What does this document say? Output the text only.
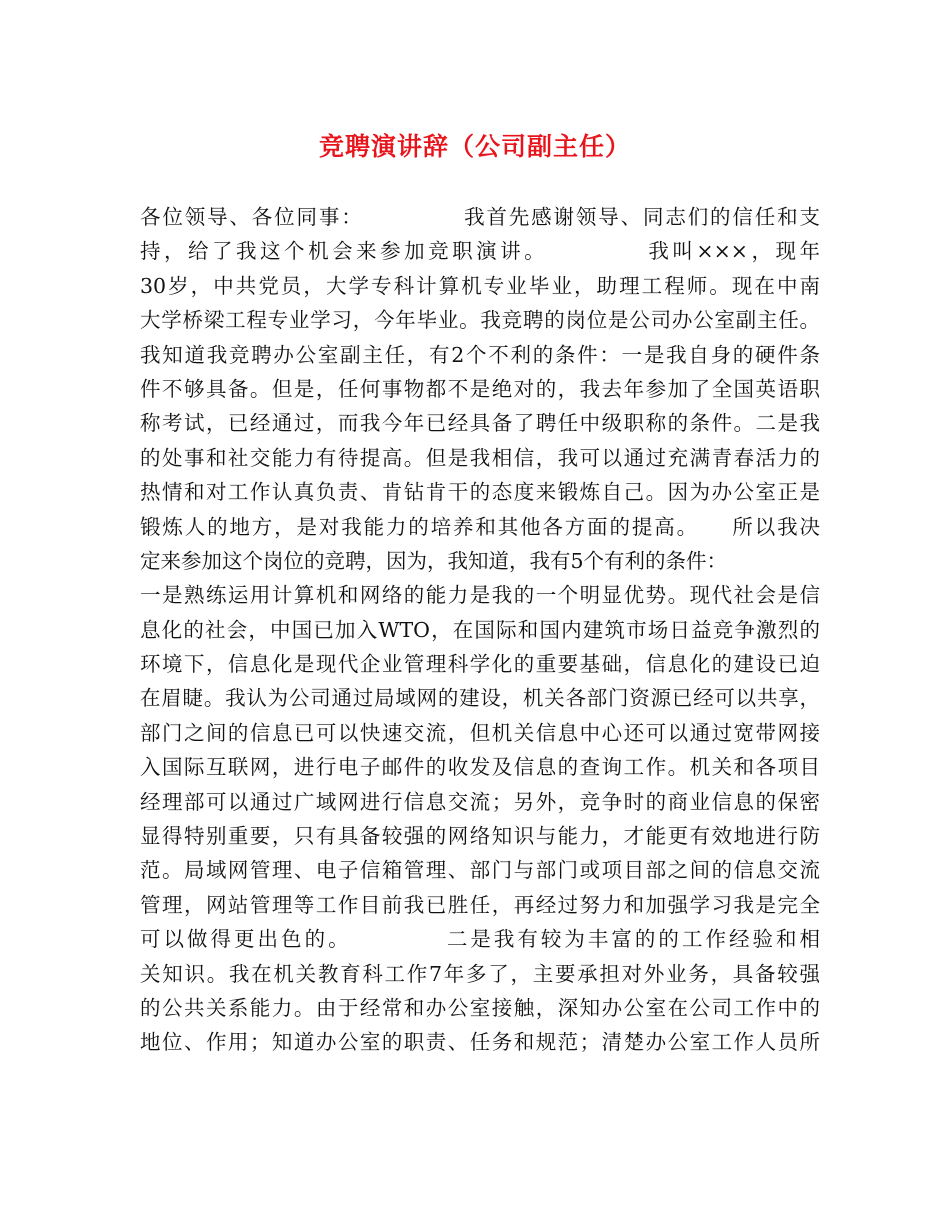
竞聘演讲辞（公司副主任）
各位领导、各位同事：            我首先感谢领导、同志们的信任和支
持，给了我这个机会来参加竞职演讲。          我叫×××，现年
30岁，中共党员，大学专科计算机专业毕业，助理工程师。现在中南
大学桥梁工程专业学习，今年毕业。我竞聘的岗位是公司办公室副主任。
我知道我竞聘办公室副主任，有2个不利的条件：一是我自身的硬件条
件不够具备。但是，任何事物都不是绝对的，我去年参加了全国英语职
称考试，已经通过，而我今年已经具备了聘任中级职称的条件。二是我
的处事和社交能力有待提高。但是我相信，我可以通过充满青春活力的
热情和对工作认真负责、肯钻肯干的态度来锻炼自己。因为办公室正是
锻炼人的地方，是对我能力的培养和其他各方面的提高。    所以我决
定来参加这个岗位的竞聘，因为，我知道，我有5个有利的条件：
一是熟练运用计算机和网络的能力是我的一个明显优势。现代社会是信
息化的社会，中国已加入WTO，在国际和国内建筑市场日益竞争激烈的
环境下，信息化是现代企业管理科学化的重要基础，信息化的建设已迫
在眉睫。我认为公司通过局域网的建设，机关各部门资源已经可以共享，
部门之间的信息已可以快速交流，但机关信息中心还可以通过宽带网接
入国际互联网，进行电子邮件的收发及信息的查询工作。机关和各项目
经理部可以通过广域网进行信息交流；另外，竞争时的商业信息的保密
显得特别重要，只有具备较强的网络知识与能力，才能更有效地进行防
范。局域网管理、电子信箱管理、部门与部门或项目部之间的信息交流
管理，网站管理等工作目前我已胜任，再经过努力和加强学习我是完全
可以做得更出色的。          二是我有较为丰富的的工作经验和相
关知识。我在机关教育科工作7年多了，主要承担对外业务，具备较强
的公共关系能力。由于经常和办公室接触，深知办公室在公司工作中的
地位、作用；知道办公室的职责、任务和规范；清楚办公室工作人员所
